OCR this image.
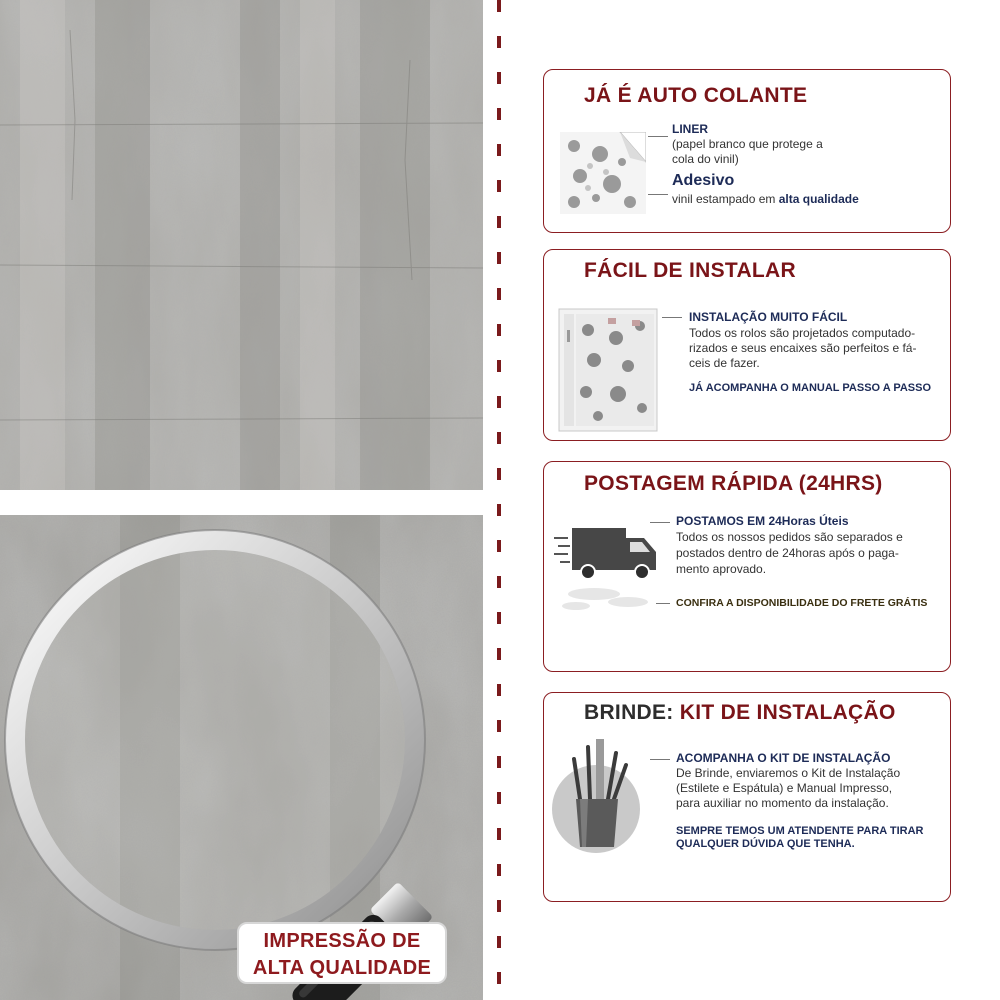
IMPRESSÃO DE
ALTA QUALIDADE
JÁ É AUTO COLANTE
LINER
(papel branco que protege a
cola do vinil)
Adesivo
vinil estampado em alta qualidade
FÁCIL DE INSTALAR
INSTALAÇÃO MUITO FÁCIL
Todos os rolos são projetados computado-
rizados e seus encaixes são perfeitos e fá-
ceis de fazer.
JÁ ACOMPANHA O MANUAL PASSO A PASSO
POSTAGEM RÁPIDA (24HRS)
POSTAMOS EM 24Horas Úteis
Todos os nossos pedidos são separados e
postados dentro de 24horas após o paga-
mento aprovado.
CONFIRA A DISPONIBILIDADE DO FRETE GRÁTIS
BRINDE: KIT DE INSTALAÇÃO
ACOMPANHA O KIT DE INSTALAÇÃO
De Brinde, enviaremos o Kit de Instalação
(Estilete e Espátula) e Manual Impresso,
para auxiliar no momento da instalação.
SEMPRE TEMOS UM ATENDENTE PARA TIRAR
QUALQUER DÚVIDA QUE TENHA.
